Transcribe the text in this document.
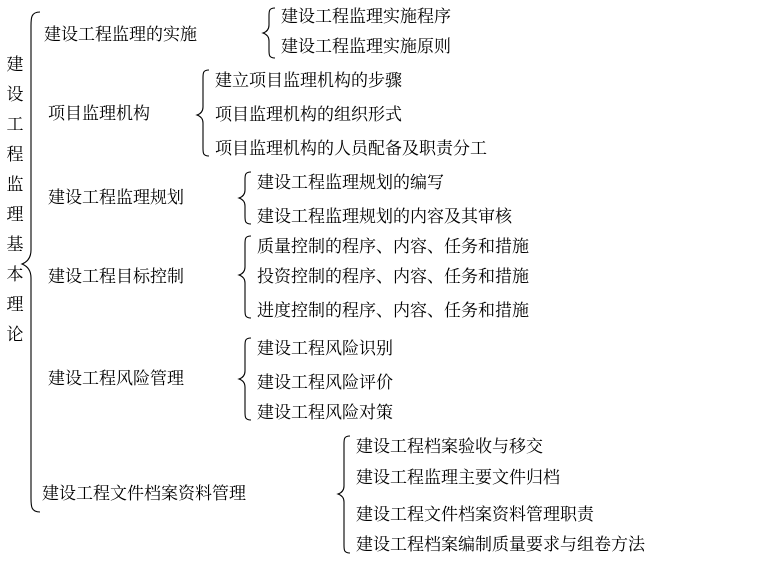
建设工程监理基本理论
建设工程监理的实施
项目监理机构
建设工程监理规划
建设工程目标控制
建设工程风险管理
建设工程文件档案资料管理
建设工程监理实施程序
建设工程监理实施原则
建立项目监理机构的步骤
项目监理机构的组织形式
项目监理机构的人员配备及职责分工
建设工程监理规划的编写
建设工程监理规划的内容及其审核
质量控制的程序、内容、任务和措施
投资控制的程序、内容、任务和措施
进度控制的程序、内容、任务和措施
建设工程风险识别
建设工程风险评价
建设工程风险对策
建设工程档案验收与移交
建设工程监理主要文件归档
建设工程文件档案资料管理职责
建设工程档案编制质量要求与组卷方法
